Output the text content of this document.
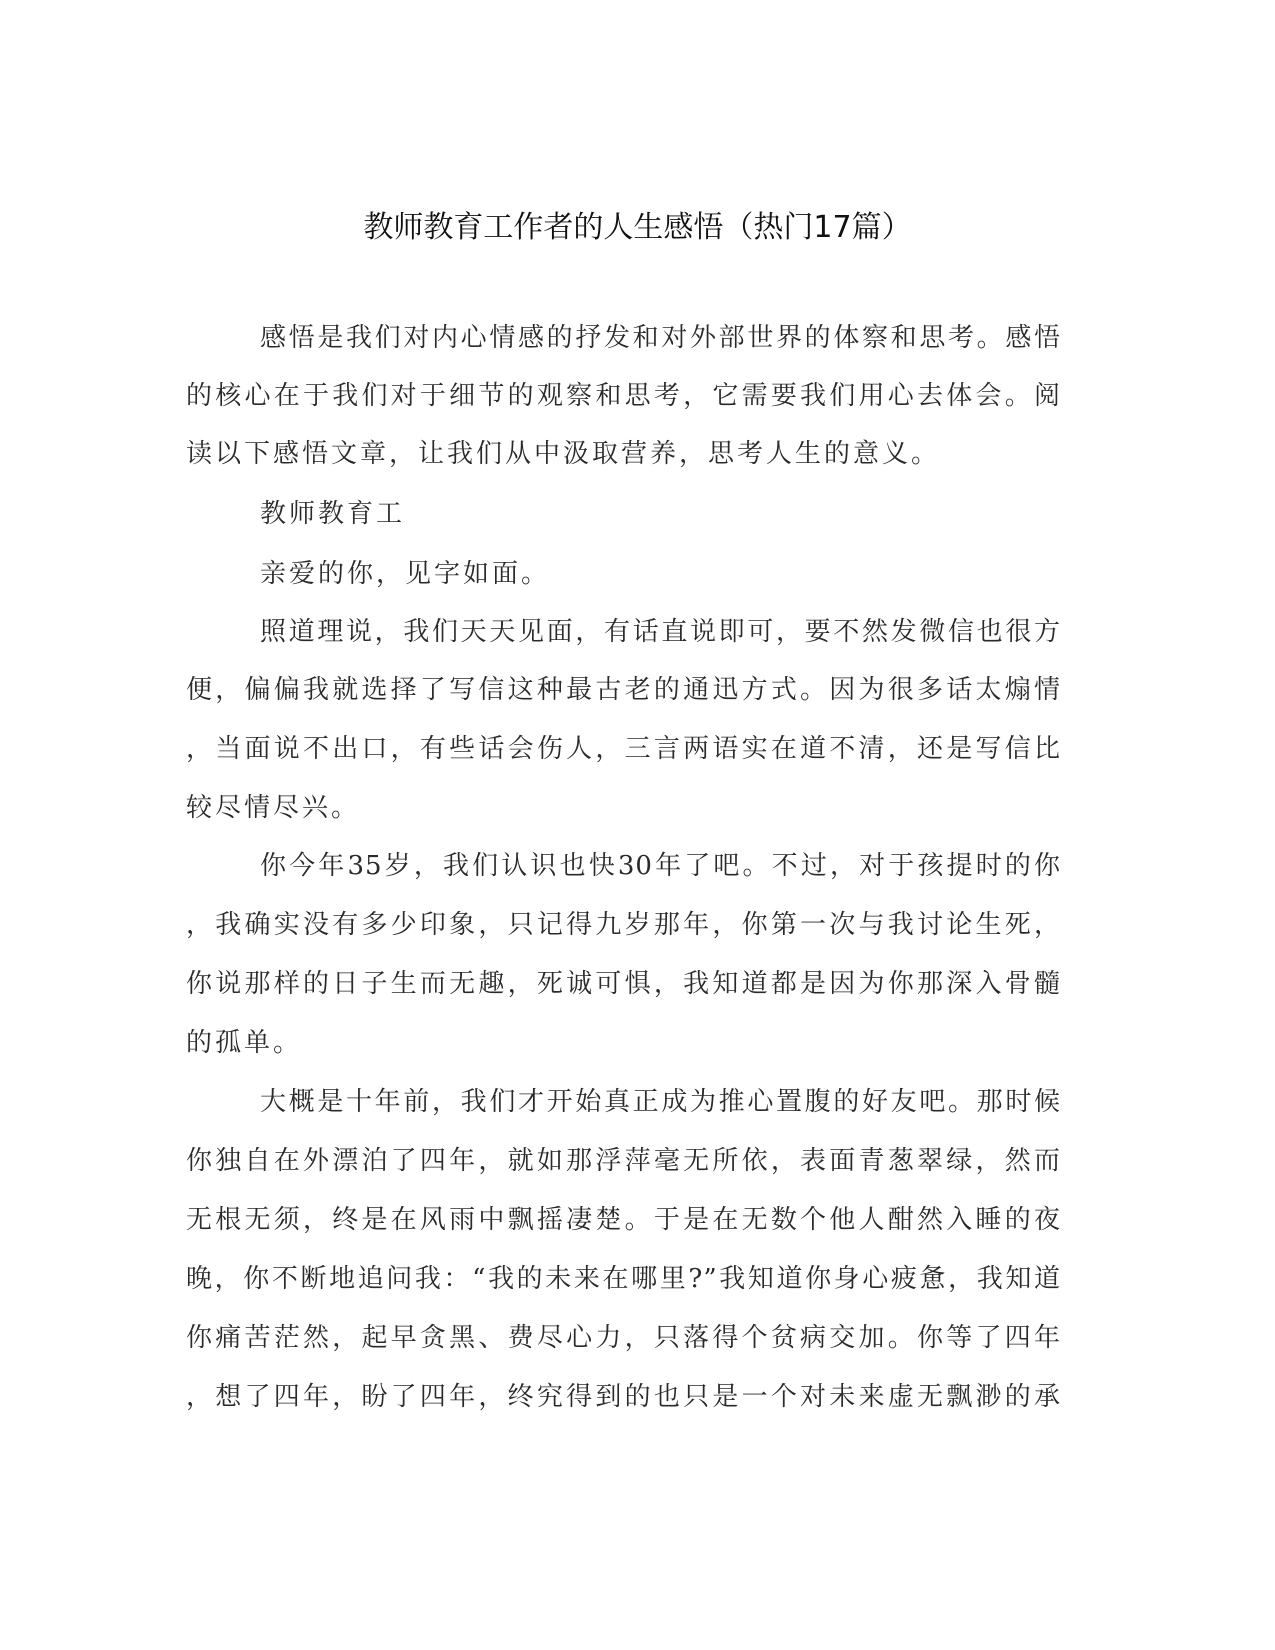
教师教育工作者的人生感悟（热门17篇）
感悟是我们对内心情感的抒发和对外部世界的体察和思考。感悟
的核心在于我们对于细节的观察和思考，它需要我们用心去体会。阅
读以下感悟文章，让我们从中汲取营养，思考人生的意义。
教师教育工
亲爱的你，见字如面。
照道理说，我们天天见面，有话直说即可，要不然发微信也很方
便，偏偏我就选择了写信这种最古老的通迅方式。因为很多话太煽情
，当面说不出口，有些话会伤人，三言两语实在道不清，还是写信比
较尽情尽兴。
你今年35岁，我们认识也快30年了吧。不过，对于孩提时的你
，我确实没有多少印象，只记得九岁那年，你第一次与我讨论生死，
你说那样的日子生而无趣，死诚可惧，我知道都是因为你那深入骨髓
的孤单。
大概是十年前，我们才开始真正成为推心置腹的好友吧。那时候
你独自在外漂泊了四年，就如那浮萍毫无所依，表面青葱翠绿，然而
无根无须，终是在风雨中飘摇凄楚。于是在无数个他人酣然入睡的夜
晚，你不断地追问我：“我的未来在哪里?”我知道你身心疲惫，我知道
你痛苦茫然，起早贪黑、费尽心力，只落得个贫病交加。你等了四年
，想了四年，盼了四年，终究得到的也只是一个对未来虚无飘渺的承
